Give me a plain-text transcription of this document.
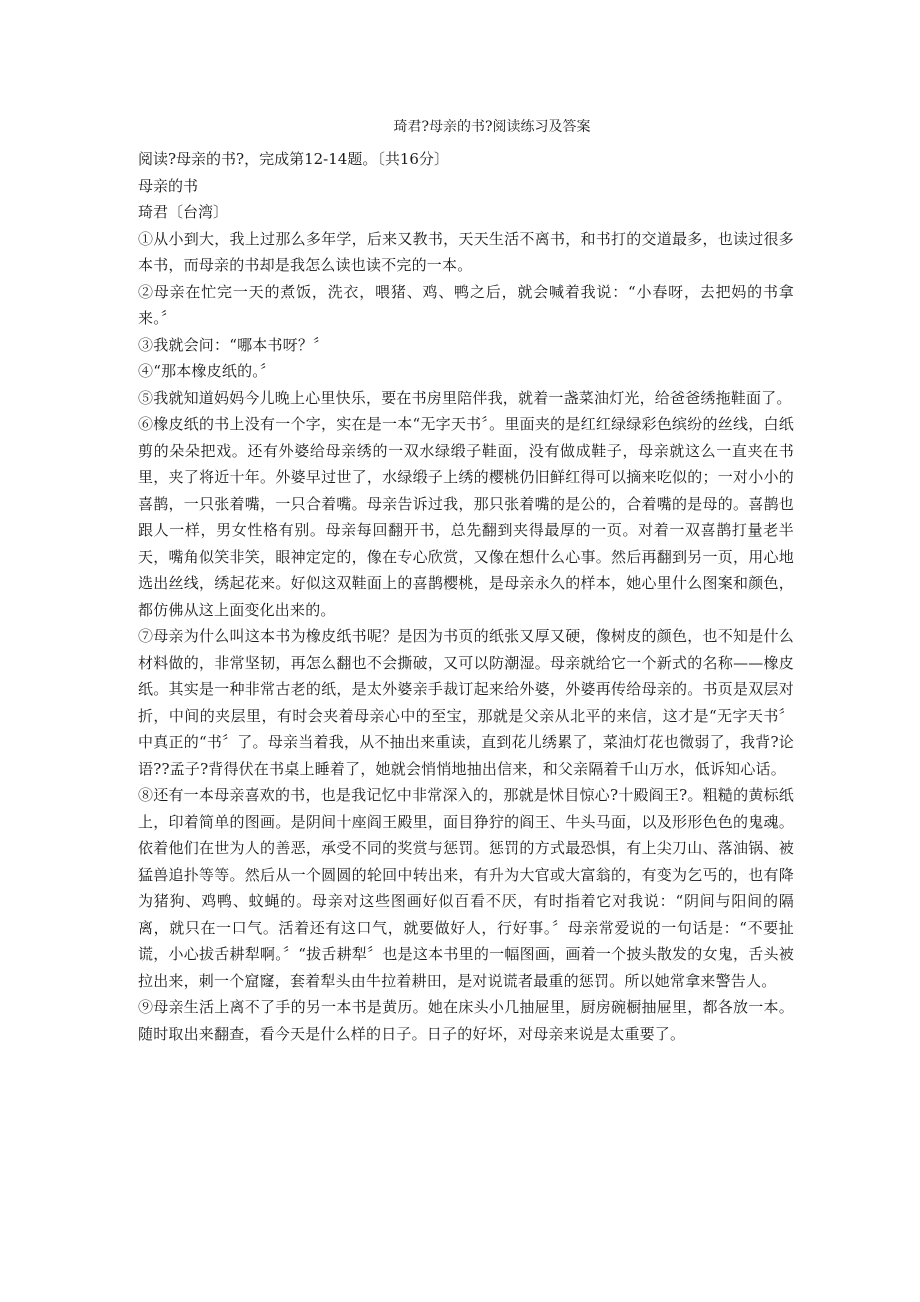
琦君?母亲的书?阅读练习及答案

阅读?母亲的书?，完成第12-14题。〔共16分〕

母亲的书

琦君〔台湾〕

①从小到大，我上过那么多年学，后来又教书，天天生活不离书，和书打的交道最多，也读过很多本书，而母亲的书却是我怎么读也读不完的一本。

②母亲在忙完一天的煮饭，洗衣，喂猪、鸡、鸭之后，就会喊着我说：“小春呀，去把妈的书拿来。〞

③我就会问：“哪本书呀？〞

④“那本橡皮纸的。〞

⑤我就知道妈妈今儿晚上心里快乐，要在书房里陪伴我，就着一盏菜油灯光，给爸爸绣拖鞋面了。

⑥橡皮纸的书上没有一个字，实在是一本“无字天书〞。里面夹的是红红绿绿彩色缤纷的丝线，白纸剪的朵朵把戏。还有外婆给母亲绣的一双水绿缎子鞋面，没有做成鞋子，母亲就这么一直夹在书里，夹了将近十年。外婆早过世了，水绿缎子上绣的樱桃仍旧鲜红得可以摘来吃似的；一对小小的喜鹊，一只张着嘴，一只合着嘴。母亲告诉过我，那只张着嘴的是公的，合着嘴的是母的。喜鹊也跟人一样，男女性格有别。母亲每回翻开书，总先翻到夹得最厚的一页。对着一双喜鹊打量老半天，嘴角似笑非笑，眼神定定的，像在专心欣赏，又像在想什么心事。然后再翻到另一页，用心地选出丝线，绣起花来。好似这双鞋面上的喜鹊樱桃，是母亲永久的样本，她心里什么图案和颜色，都仿佛从这上面变化出来的。

⑦母亲为什么叫这本书为橡皮纸书呢？是因为书页的纸张又厚又硬，像树皮的颜色，也不知是什么材料做的，非常坚韧，再怎么翻也不会撕破，又可以防潮湿。母亲就给它一个新式的名称——橡皮纸。其实是一种非常古老的纸，是太外婆亲手裁订起来给外婆，外婆再传给母亲的。书页是双层对折，中间的夹层里，有时会夹着母亲心中的至宝，那就是父亲从北平的来信，这才是“无字天书〞中真正的“书〞了。母亲当着我，从不抽出来重读，直到花儿绣累了，菜油灯花也微弱了，我背?论语??孟子?背得伏在书桌上睡着了，她就会悄悄地抽出信来，和父亲隔着千山万水，低诉知心话。

⑧还有一本母亲喜欢的书，也是我记忆中非常深入的，那就是怵目惊心?十殿阎王?。粗糙的黄标纸上，印着简单的图画。是阴间十座阎王殿里，面目狰狞的阎王、牛头马面，以及形形色色的鬼魂。依着他们在世为人的善恶，承受不同的奖赏与惩罚。惩罚的方式最恐惧，有上尖刀山、落油锅、被猛兽追扑等等。然后从一个圆圆的轮回中转出来，有升为大官或大富翁的，有变为乞丐的，也有降为猪狗、鸡鸭、蚊蝇的。母亲对这些图画好似百看不厌，有时指着它对我说：“阴间与阳间的隔离，就只在一口气。活着还有这口气，就要做好人，行好事。〞母亲常爱说的一句话是：“不要扯谎，小心拔舌耕犁啊。〞“拔舌耕犁〞也是这本书里的一幅图画，画着一个披头散发的女鬼，舌头被拉出来，刺一个窟窿，套着犁头由牛拉着耕田，是对说谎者最重的惩罚。所以她常拿来警告人。

⑨母亲生活上离不了手的另一本书是黄历。她在床头小几抽屉里，厨房碗橱抽屉里，都各放一本。随时取出来翻查，看今天是什么样的日子。日子的好坏，对母亲来说是太重要了。
